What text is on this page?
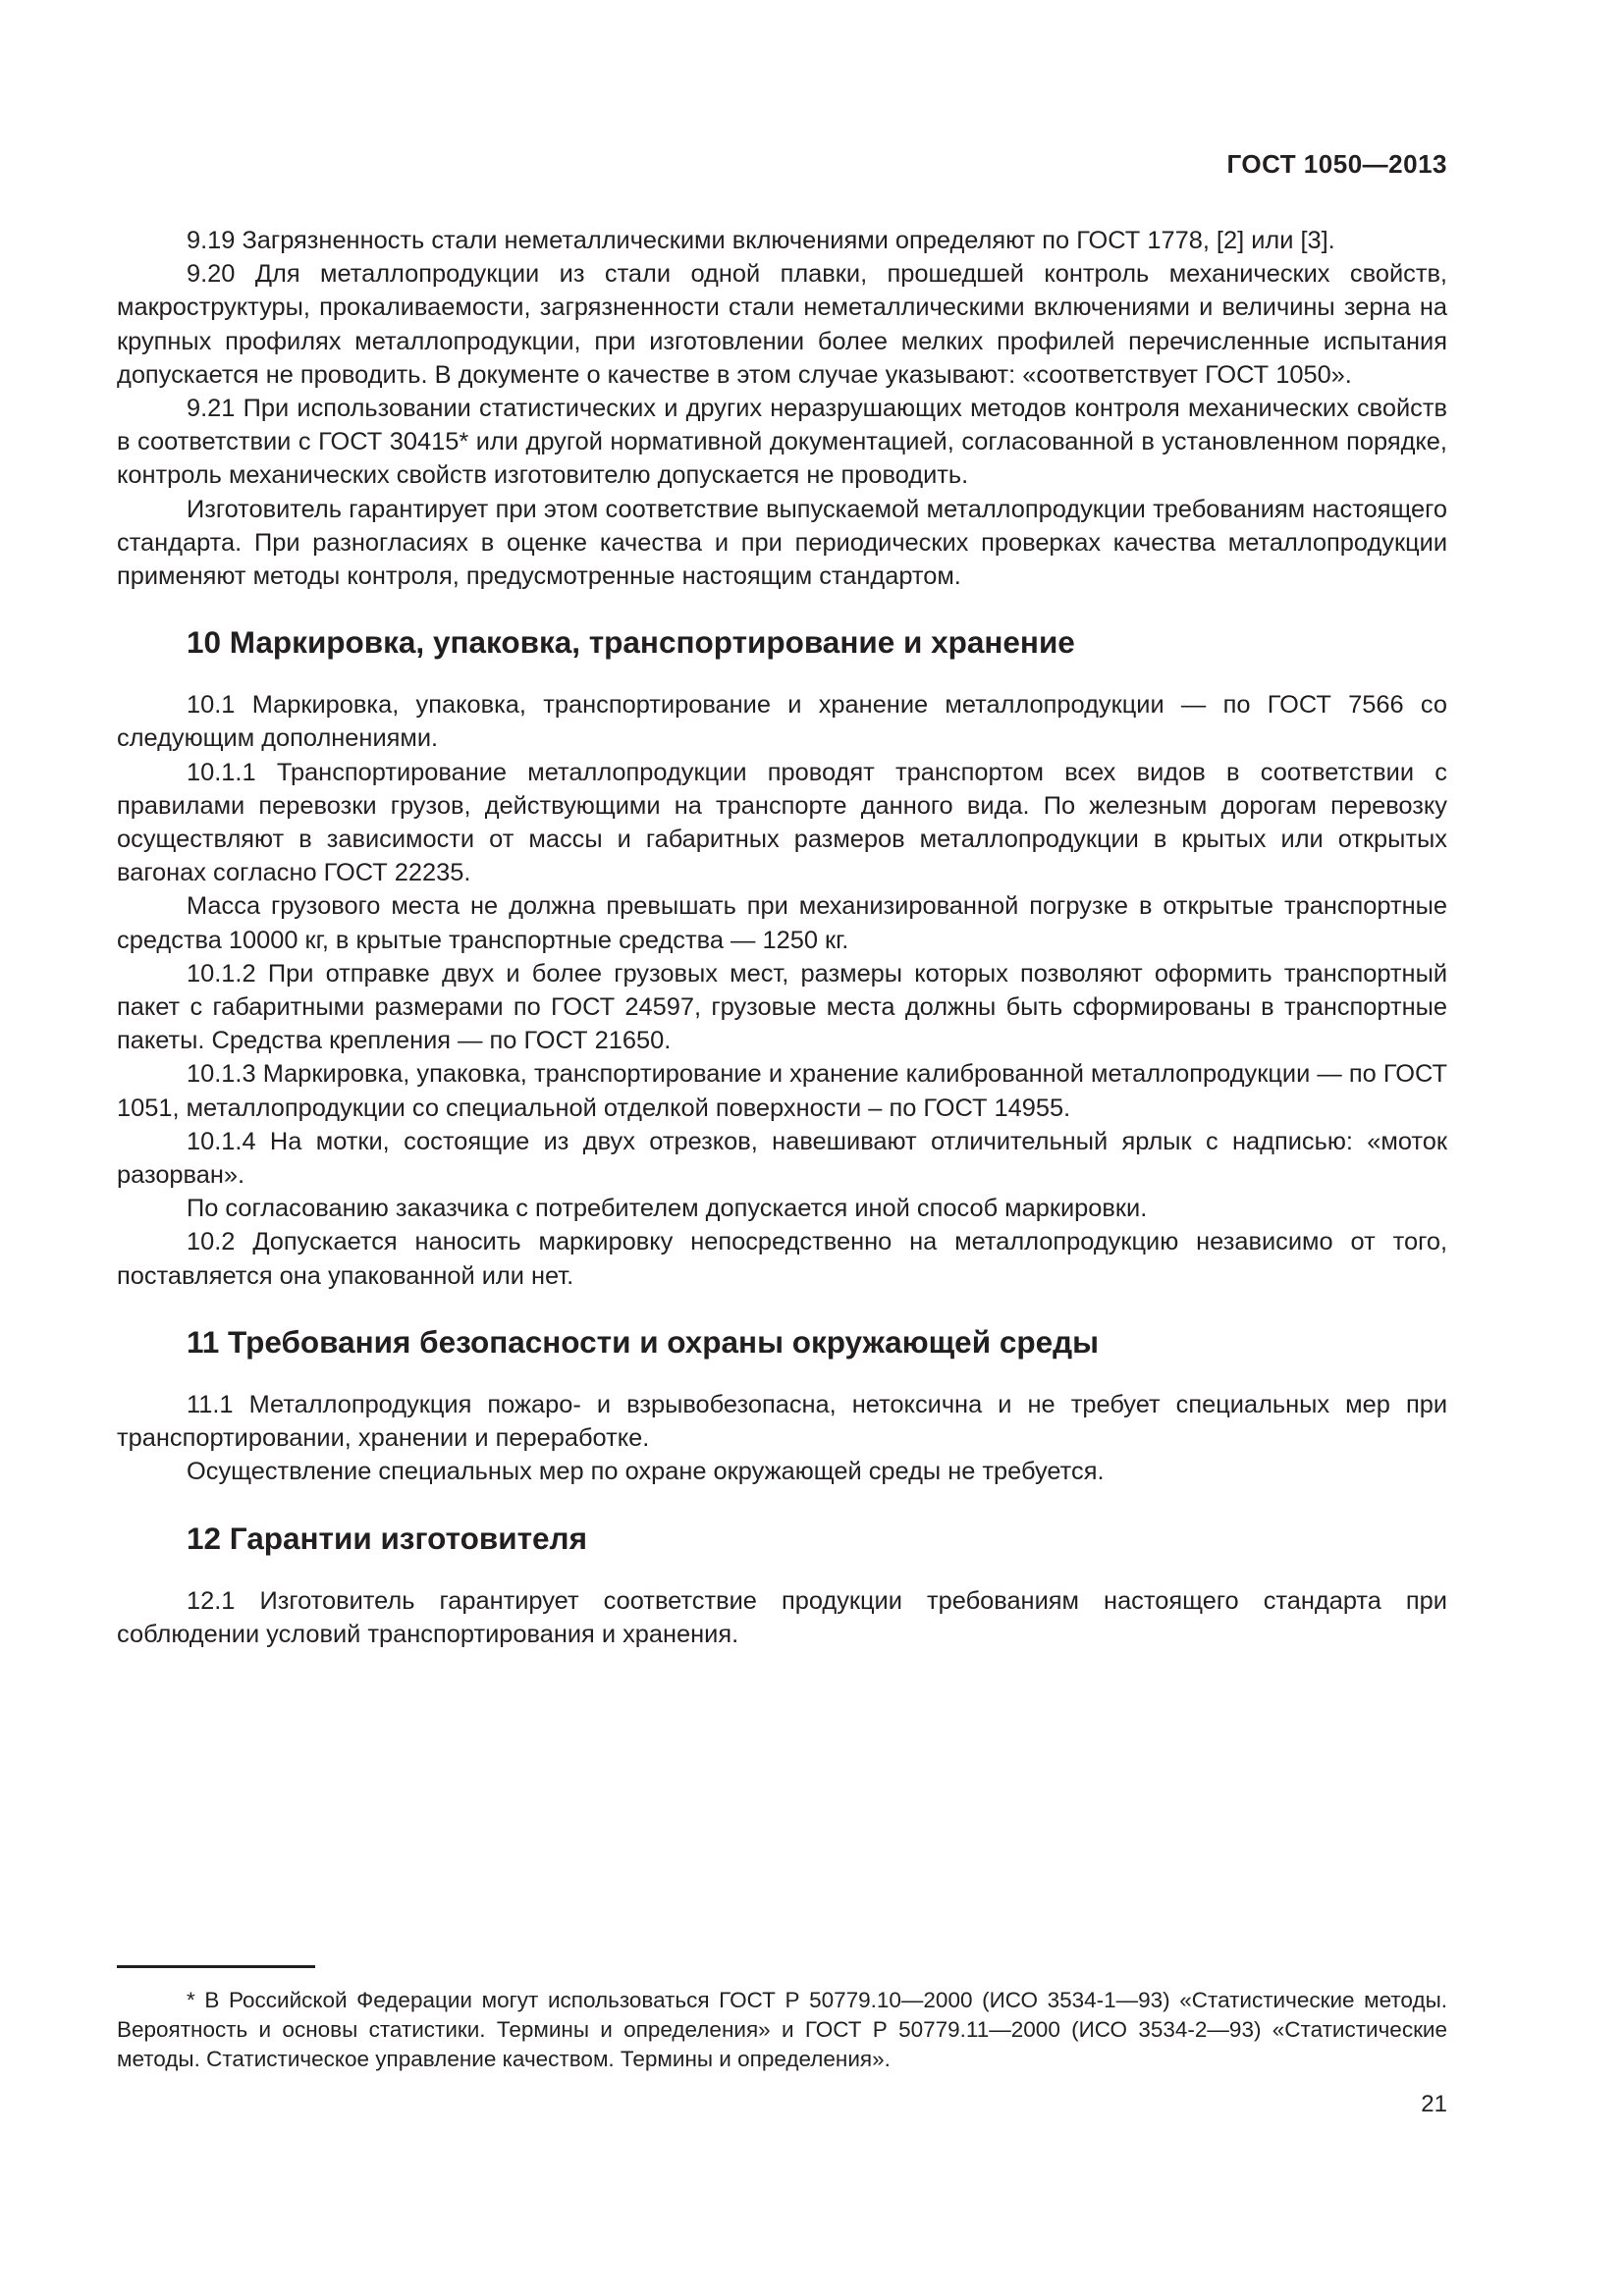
ГОСТ 1050—2013

9.19 Загрязненность стали неметаллическими включениями определяют по ГОСТ 1778, [2] или [3].

9.20 Для металлопродукции из стали одной плавки, прошедшей контроль механических свойств, макроструктуры, прокаливаемости, загрязненности стали неметаллическими включениями и величины зерна на крупных профилях металлопродукции, при изготовлении более мелких профилей перечисленные испытания допускается не проводить. В документе о качестве в этом случае указывают: «соответствует ГОСТ 1050».

9.21 При использовании статистических и других неразрушающих методов контроля механических свойств в соответствии с ГОСТ 30415* или другой нормативной документацией, согласованной в установленном порядке, контроль механических свойств изготовителю допускается не проводить.

Изготовитель гарантирует при этом соответствие выпускаемой металлопродукции требованиям настоящего стандарта. При разногласиях в оценке качества и при периодических проверках качества металлопродукции применяют методы контроля, предусмотренные настоящим стандартом.

10 Маркировка, упаковка, транспортирование и хранение

10.1 Маркировка, упаковка, транспортирование и хранение металлопродукции — по ГОСТ 7566 со следующим дополнениями.

10.1.1 Транспортирование металлопродукции проводят транспортом всех видов в соответствии с правилами перевозки грузов, действующими на транспорте данного вида. По железным дорогам перевозку осуществляют в зависимости от массы и габаритных размеров металлопродукции в крытых или открытых вагонах согласно ГОСТ 22235.

Масса грузового места не должна превышать при механизированной погрузке в открытые транспортные средства 10000 кг, в крытые транспортные средства — 1250 кг.

10.1.2 При отправке двух и более грузовых мест, размеры которых позволяют оформить транспортный пакет с габаритными размерами по ГОСТ 24597, грузовые места должны быть сформированы в транспортные пакеты. Средства крепления — по ГОСТ 21650.

10.1.3 Маркировка, упаковка, транспортирование и хранение калиброванной металлопродукции — по ГОСТ 1051, металлопродукции со специальной отделкой поверхности – по ГОСТ 14955.

10.1.4 На мотки, состоящие из двух отрезков, навешивают отличительный ярлык с надписью: «моток разорван».

По согласованию заказчика с потребителем допускается иной способ маркировки.

10.2 Допускается наносить маркировку непосредственно на металлопродукцию независимо от того, поставляется она упакованной или нет.

11 Требования безопасности и охраны окружающей среды

11.1 Металлопродукция пожаро- и взрывобезопасна, нетоксична и не требует специальных мер при транспортировании, хранении и переработке.

Осуществление специальных мер по охране окружающей среды не требуется.

12 Гарантии изготовителя

12.1 Изготовитель гарантирует соответствие продукции требованиям настоящего стандарта при соблюдении условий транспортирования и хранения.

* В Российской Федерации могут использоваться ГОСТ Р 50779.10—2000 (ИСО 3534-1—93) «Статистические методы. Вероятность и основы статистики. Термины и определения» и ГОСТ Р 50779.11—2000 (ИСО 3534-2—93) «Статистические методы. Статистическое управление качеством. Термины и определения».

21
